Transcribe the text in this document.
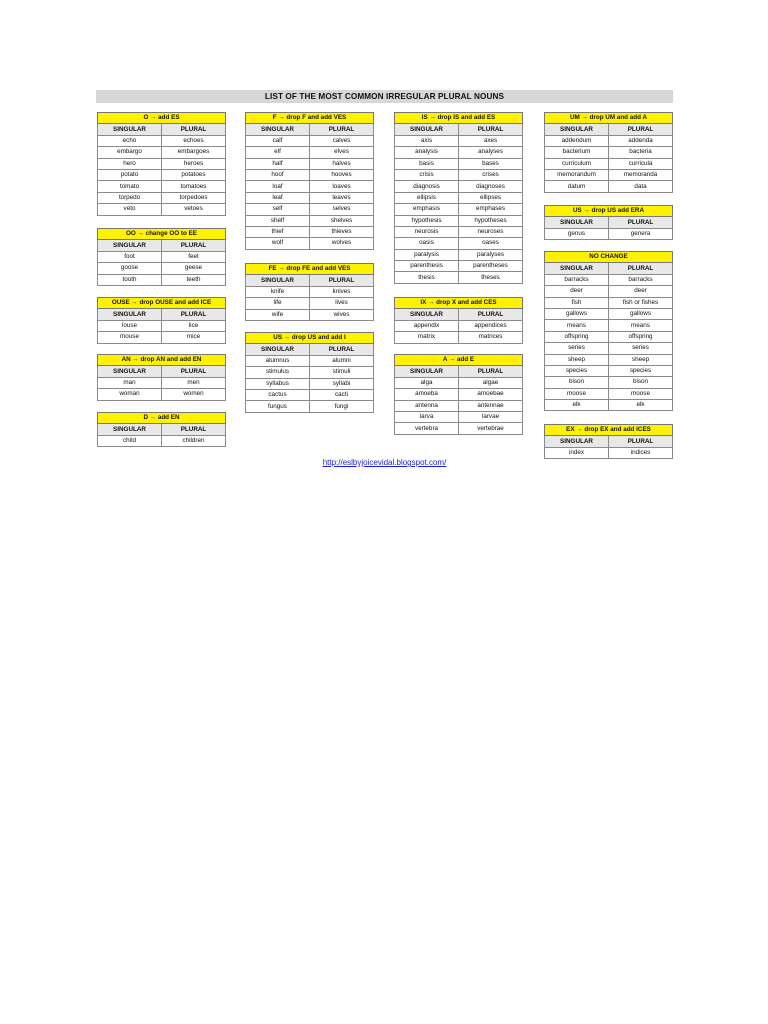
LIST OF THE MOST COMMON IRREGULAR PLURAL NOUNS
O → add ES	
SINGULAR	PLURAL
echo	echoes
embargo	embargoes
hero	heroes
potato	potatoes
tomato	tomatoes
torpedo	torpedoes
veto	vetoes
OO → change OO to EE	
SINGULAR	PLURAL
foot	feet
goose	geese
tooth	teeth
OUSE → drop OUSE and add ICE	
SINGULAR	PLURAL
louse	lice
mouse	mice
AN → drop AN and add EN	
SINGULAR	PLURAL
man	men
woman	women
D → add EN	
SINGULAR	PLURAL
child	children
F → drop F and add VES	
SINGULAR	PLURAL
calf	calves
elf	elves
half	halves
hoof	hooves
loaf	loaves
leaf	leaves
self	selves
shelf	shelves
thief	thieves
wolf	wolves
FE → drop FE and add VES	
SINGULAR	PLURAL
knife	knives
life	lives
wife	wives
US → drop US and add I	
SINGULAR	PLURAL
alumnus	alumni
stimulus	stimuli
syllabus	syllabi
cactus	cacti
fungus	fungi
IS → drop IS and add ES	
SINGULAR	PLURAL
axis	axes
analysis	analyses
basis	bases
crisis	crises
diagnosis	diagnoses
ellipsis	ellipses
emphasis	emphases
hypothesis	hypotheses
neurosis	neuroses
oasis	oases
paralysis	paralyses
parenthesis	parentheses
thesis	theses
IX → drop X and add CES	
SINGULAR	PLURAL
appendix	appendices
matrix	matrices
A → add E	
SINGULAR	PLURAL
alga	algae
amoeba	amoebae
antenna	antennae
larva	larvae
vertebra	vertebrae
UM → drop UM and add A	
SINGULAR	PLURAL
addendum	addenda
bacterium	bacteria
curriculum	curricula
memorandum	memoranda
datum	data
US → drop US add ERA	
SINGULAR	PLURAL
genus	genera
NO CHANGE	
SINGULAR	PLURAL
barracks	barracks
deer	deer
fish	fish or fishes
gallows	gallows
means	means
offspring	offspring
series	series
sheep	sheep
species	species
bison	bison
moose	moose
elk	elk
EX → drop EX and add ICES	
SINGULAR	PLURAL
index	indices
http://eslbyjoicevidal.blogspot.com/
